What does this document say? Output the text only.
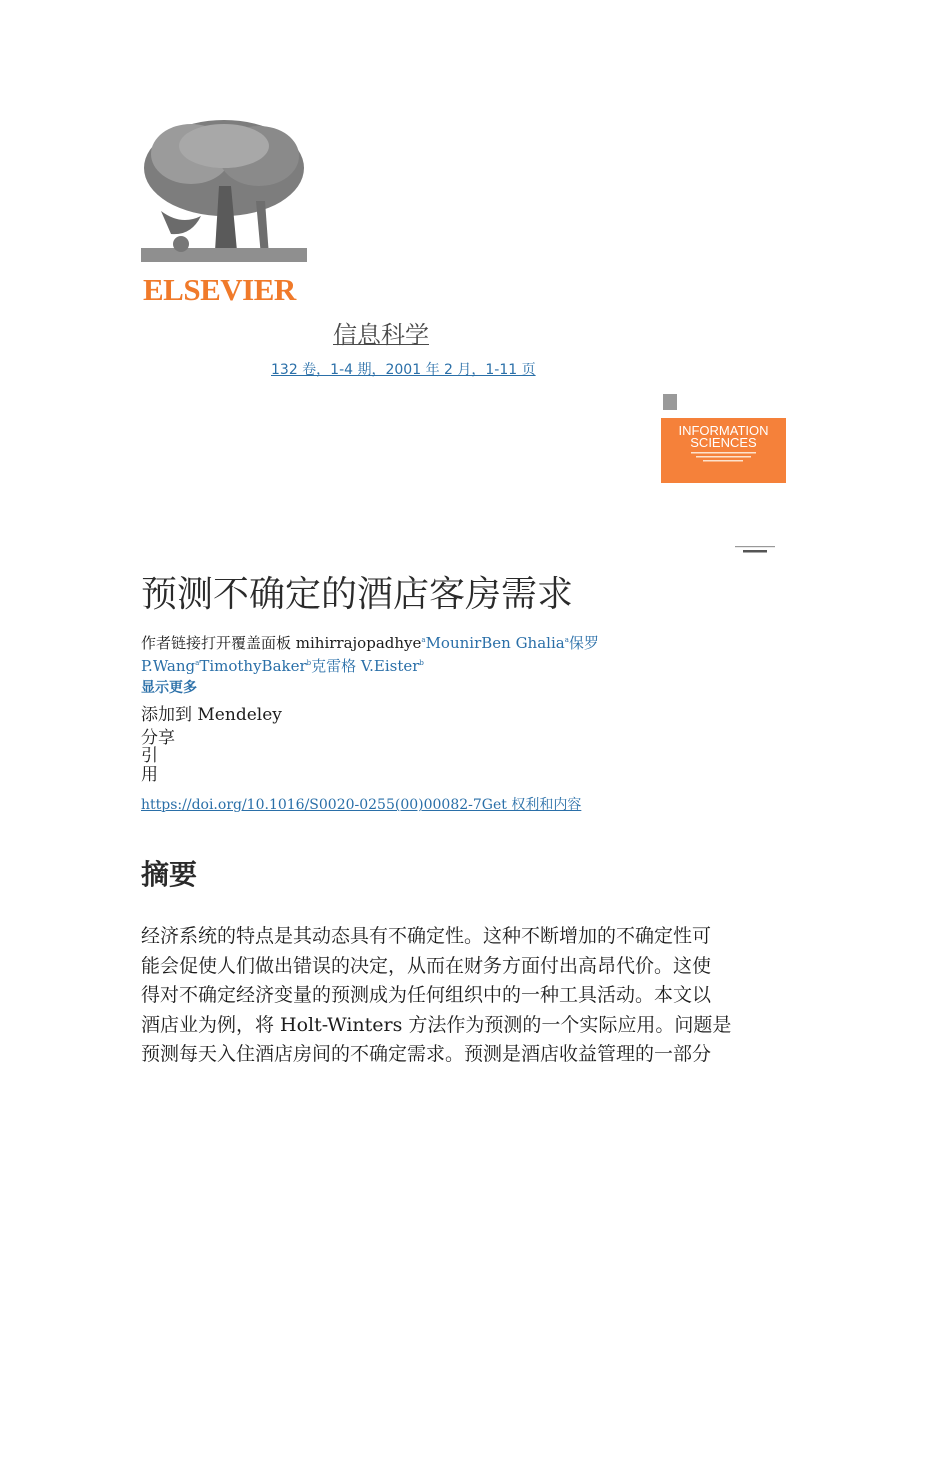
ELSEVIER
信息科学
132 卷，1-4 期，2001 年 2 月，1-11 页
INFORMATION
SCIENCES
预测不确定的酒店客房需求
作者链接打开覆盖面板 mihirrajopadhye$^a$MounirBen Ghalia$^a$保罗 P.Wang$^a$TimothyBaker$^b$克雷格 V.Eister$^b$
显示更多
添加到 Mendeley
分享
引
用
https://doi.org/10.1016/S0020-0255(00)00082-7Get 权利和内容
摘要
经济系统的特点是其动态具有不确定性。这种不断增加的不确定性可
能会促使人们做出错误的决定，从而在财务方面付出高昂代价。这使
得对不确定经济变量的预测成为任何组织中的一种工具活动。本文以
酒店业为例，将 Holt-Winters 方法作为预测的一个实际应用。问题是
预测每天入住酒店房间的不确定需求。预测是酒店收益管理的一部分
